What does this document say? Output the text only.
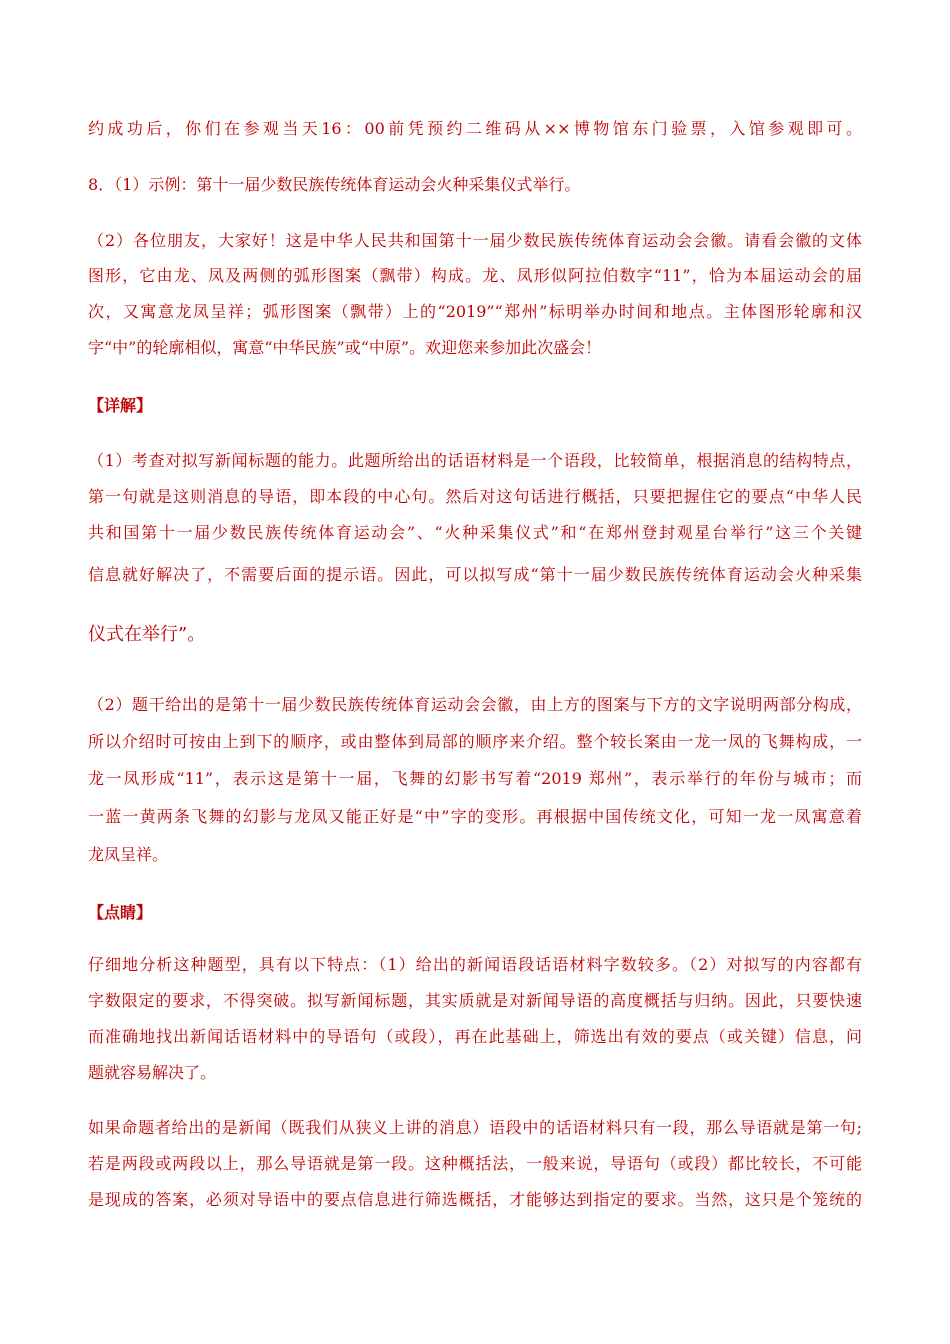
约成功后，你们在参观当天16：00前凭预约二维码从××博物馆东门验票，入馆参观即可。
8．（1）示例：第十一届少数民族传统体育运动会火种采集仪式举行。
（2）各位朋友，大家好！这是中华人民共和国第十一届少数民族传统体育运动会会徽。请看会徽的文体
图形，它由龙、凤及两侧的弧形图案（飘带）构成。龙、凤形似阿拉伯数字“11”，恰为本届运动会的届
次，又寓意龙凤呈祥；弧形图案（飘带）上的“2019”“郑州”标明举办时间和地点。主体图形轮廓和汉
字“中”的轮廓相似，寓意“中华民族”或“中原”。欢迎您来参加此次盛会！
【详解】
（1）考查对拟写新闻标题的能力。此题所给出的话语材料是一个语段，比较简单，根据消息的结构特点，
第一句就是这则消息的导语，即本段的中心句。然后对这句话进行概括，只要把握住它的要点“中华人民
共和国第十一届少数民族传统体育运动会”、“火种采集仪式”和“在郑州登封观星台举行”这三个关键
信息就好解决了，不需要后面的提示语。因此，可以拟写成“第十一届少数民族传统体育运动会火种采集
仪式在举行”。
（2）题干给出的是第十一届少数民族传统体育运动会会徽，由上方的图案与下方的文字说明两部分构成，
所以介绍时可按由上到下的顺序，或由整体到局部的顺序来介绍。整个较长案由一龙一凤的飞舞构成，一
龙一凤形成“11”，表示这是第十一届，飞舞的幻影书写着“2019 郑州”，表示举行的年份与城市；而
一蓝一黄两条飞舞的幻影与龙凤又能正好是“中”字的变形。再根据中国传统文化，可知一龙一凤寓意着
龙凤呈祥。
【点睛】
仔细地分析这种题型，具有以下特点：（1）给出的新闻语段话语材料字数较多。（2）对拟写的内容都有
字数限定的要求，不得突破。拟写新闻标题，其实质就是对新闻导语的高度概括与归纳。因此，只要快速
而准确地找出新闻话语材料中的导语句（或段），再在此基础上，筛选出有效的要点（或关键）信息，问
题就容易解决了。
如果命题者给出的是新闻（既我们从狭义上讲的消息）语段中的话语材料只有一段，那么导语就是第一句;
若是两段或两段以上，那么导语就是第一段。这种概括法，一般来说，导语句（或段）都比较长，不可能
是现成的答案，必须对导语中的要点信息进行筛选概括，才能够达到指定的要求。当然，这只是个笼统的
